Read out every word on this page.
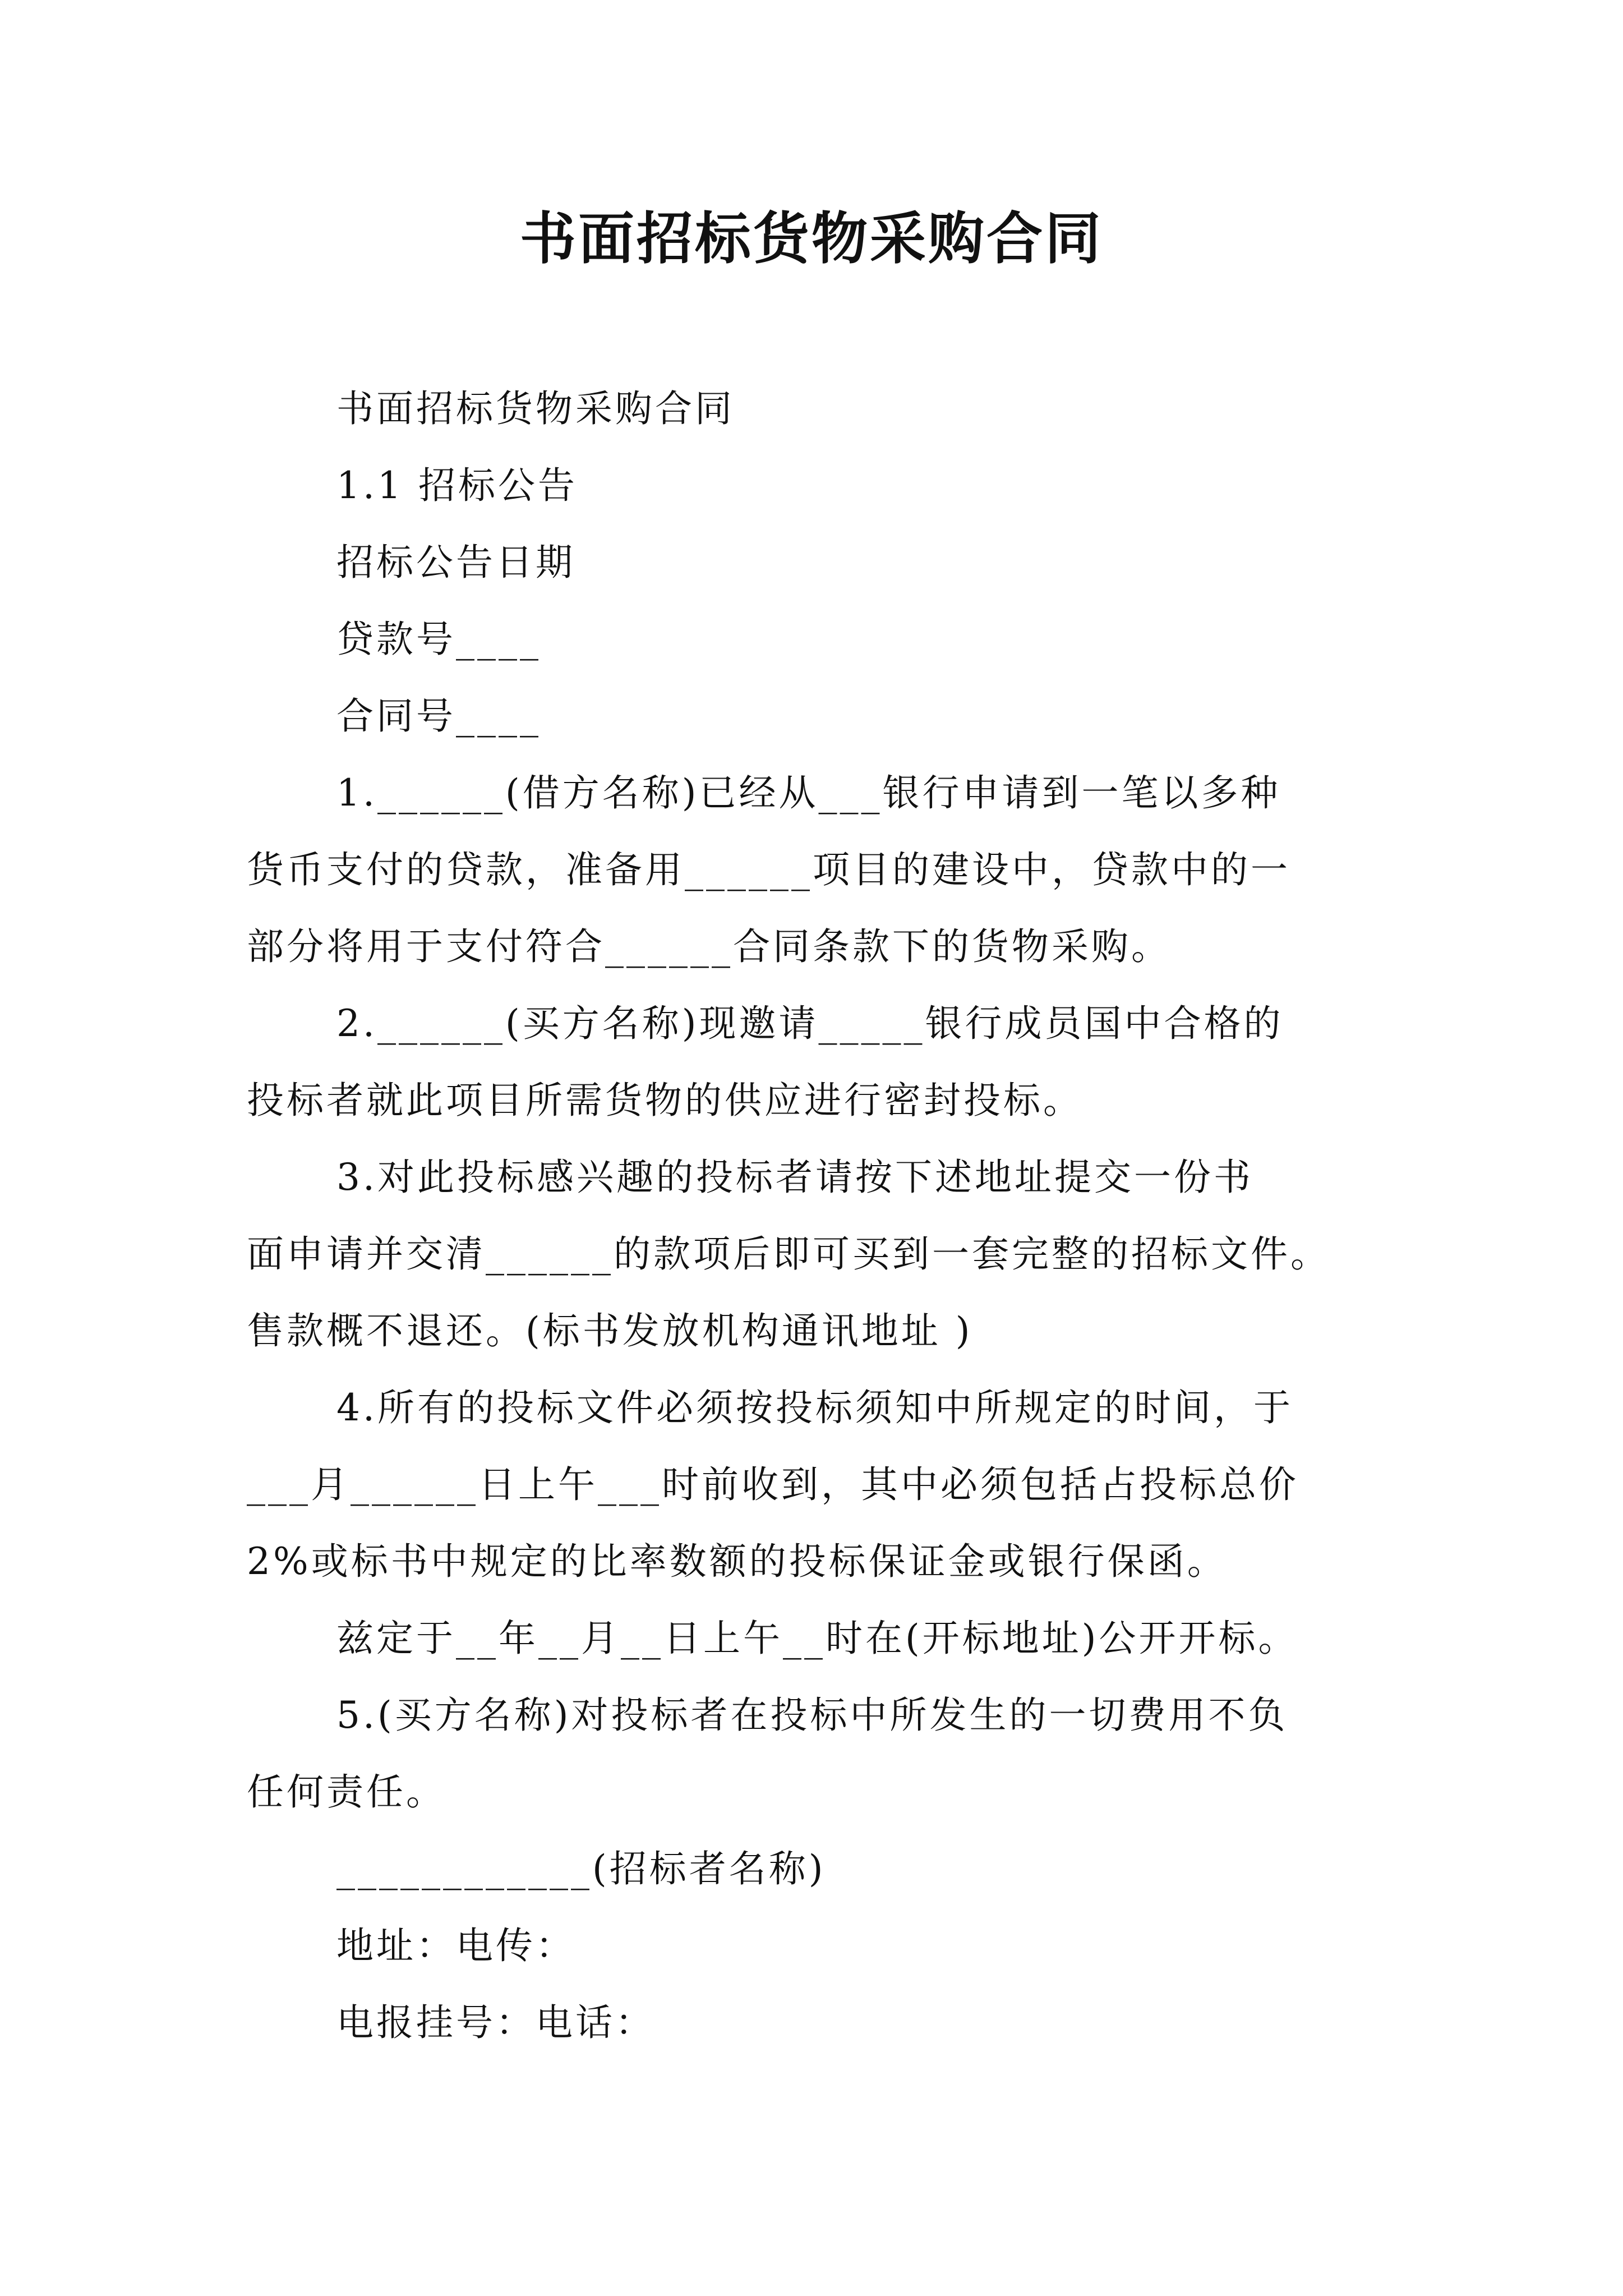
书面招标货物采购合同
书面招标货物采购合同
1.1 招标公告
招标公告日期
贷款号____
合同号____
1.______(借方名称)已经从___银行申请到一笔以多种
货币支付的贷款，准备用______项目的建设中，贷款中的一
部分将用于支付符合______合同条款下的货物采购。
2.______(买方名称)现邀请_____银行成员国中合格的
投标者就此项目所需货物的供应进行密封投标。
3.对此投标感兴趣的投标者请按下述地址提交一份书
面申请并交清______的款项后即可买到一套完整的招标文件。
售款概不退还。(标书发放机构通讯地址 )
4.所有的投标文件必须按投标须知中所规定的时间，于
___月______日上午___时前收到，其中必须包括占投标总价
2%或标书中规定的比率数额的投标保证金或银行保函。
兹定于__年__月__日上午__时在(开标地址)公开开标。
5.(买方名称)对投标者在投标中所发生的一切费用不负
任何责任。
____________(招标者名称)
地址：电传：
电报挂号：电话：
